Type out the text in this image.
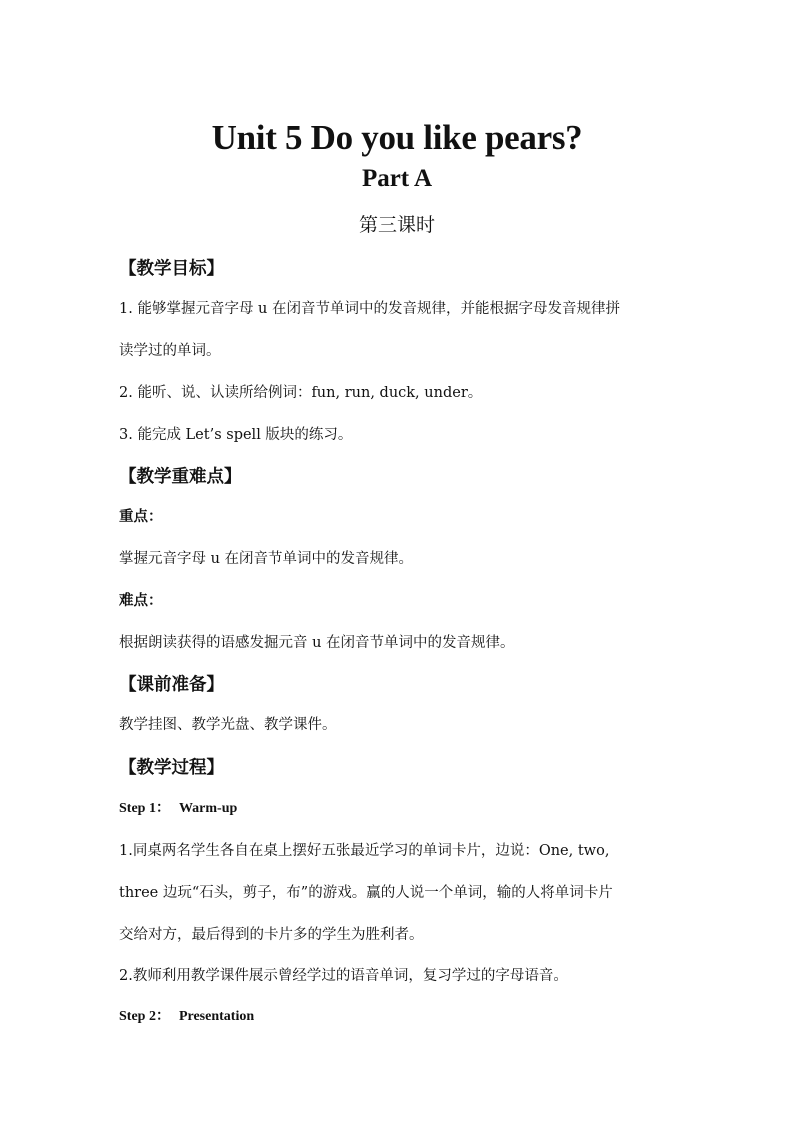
Unit 5 Do you like pears?
Part A
第三课时
【教学目标】
1. 能够掌握元音字母 u 在闭音节单词中的发音规律，并能根据字母发音规律拼
读学过的单词。
2. 能听、说、认读所给例词：fun, run, duck, under。
3. 能完成 Let’s spell 版块的练习。
【教学重难点】
重点：
掌握元音字母 u 在闭音节单词中的发音规律。
难点：
根据朗读获得的语感发掘元音 u 在闭音节单词中的发音规律。
【课前准备】
教学挂图、教学光盘、教学课件。
【教学过程】
Step 1： Warm-up
1.同桌两名学生各自在桌上摆好五张最近学习的单词卡片，边说：One, two,
three 边玩“石头，剪子，布”的游戏。赢的人说一个单词，输的人将单词卡片
交给对方，最后得到的卡片多的学生为胜利者。
2.教师利用教学课件展示曾经学过的语音单词，复习学过的字母语音。
Step 2： Presentation
